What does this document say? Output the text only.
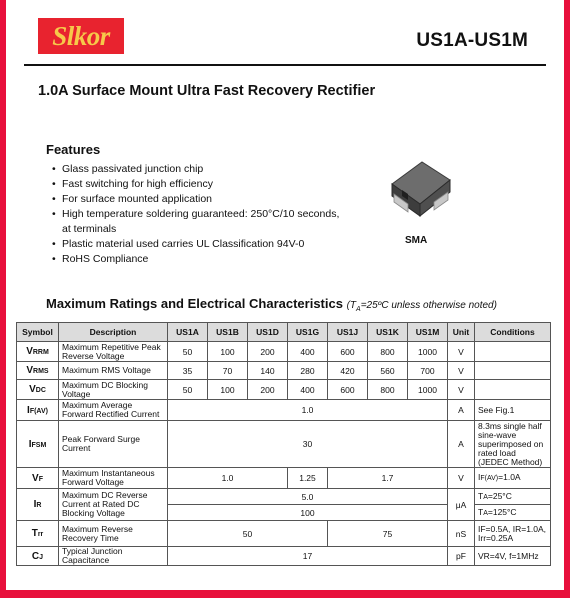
Slkor	US1A-US1M
1.0A Surface Mount Ultra Fast Recovery Rectifier
Features
• Glass passivated junction chip
• Fast switching for high efficiency
• For surface mounted application
• High temperature soldering guaranteed: 250°C/10 seconds,
at terminals
• Plastic material used carries UL Classification 94V-0
• RoHS Compliance
SMA
Maximum Ratings and Electrical Characteristics ($T_A=25ºC$ unless otherwise noted)
Symbol	Description	US1A	US1B	US1D	US1G	US1J	US1K	US1M	Unit	Conditions
VRRM	Maximum Repetitive Peak Reverse Voltage	50	100	200	400	600	800	1000	V	
VRMS	Maximum RMS Voltage	35	70	140	280	420	560	700	V	
VDC	Maximum DC Blocking Voltage	50	100	200	400	600	800	1000	V	
IF(AV)	Maximum Average Forward Rectified Current	1.0							A	See Fig.1
IFSM	Peak Forward Surge Current	30							A	8.3ms single half sine-wave superimposed on rated load (JEDEC Method)
VF	Maximum Instantaneous Forward Voltage	1.0			1.25	1.7			V	IF(AV)=1.0A
IR	Maximum DC Reverse Current at Rated DC Blocking Voltage	5.0							μA	TA=25°C
		100								TA=125°C
Trr	Maximum Reverse Recovery Time	50				75			nS	IF=0.5A, IR=1.0A, Irr=0.25A
CJ	Typical Junction Capacitance	17							pF	VR=4V, f=1MHz
